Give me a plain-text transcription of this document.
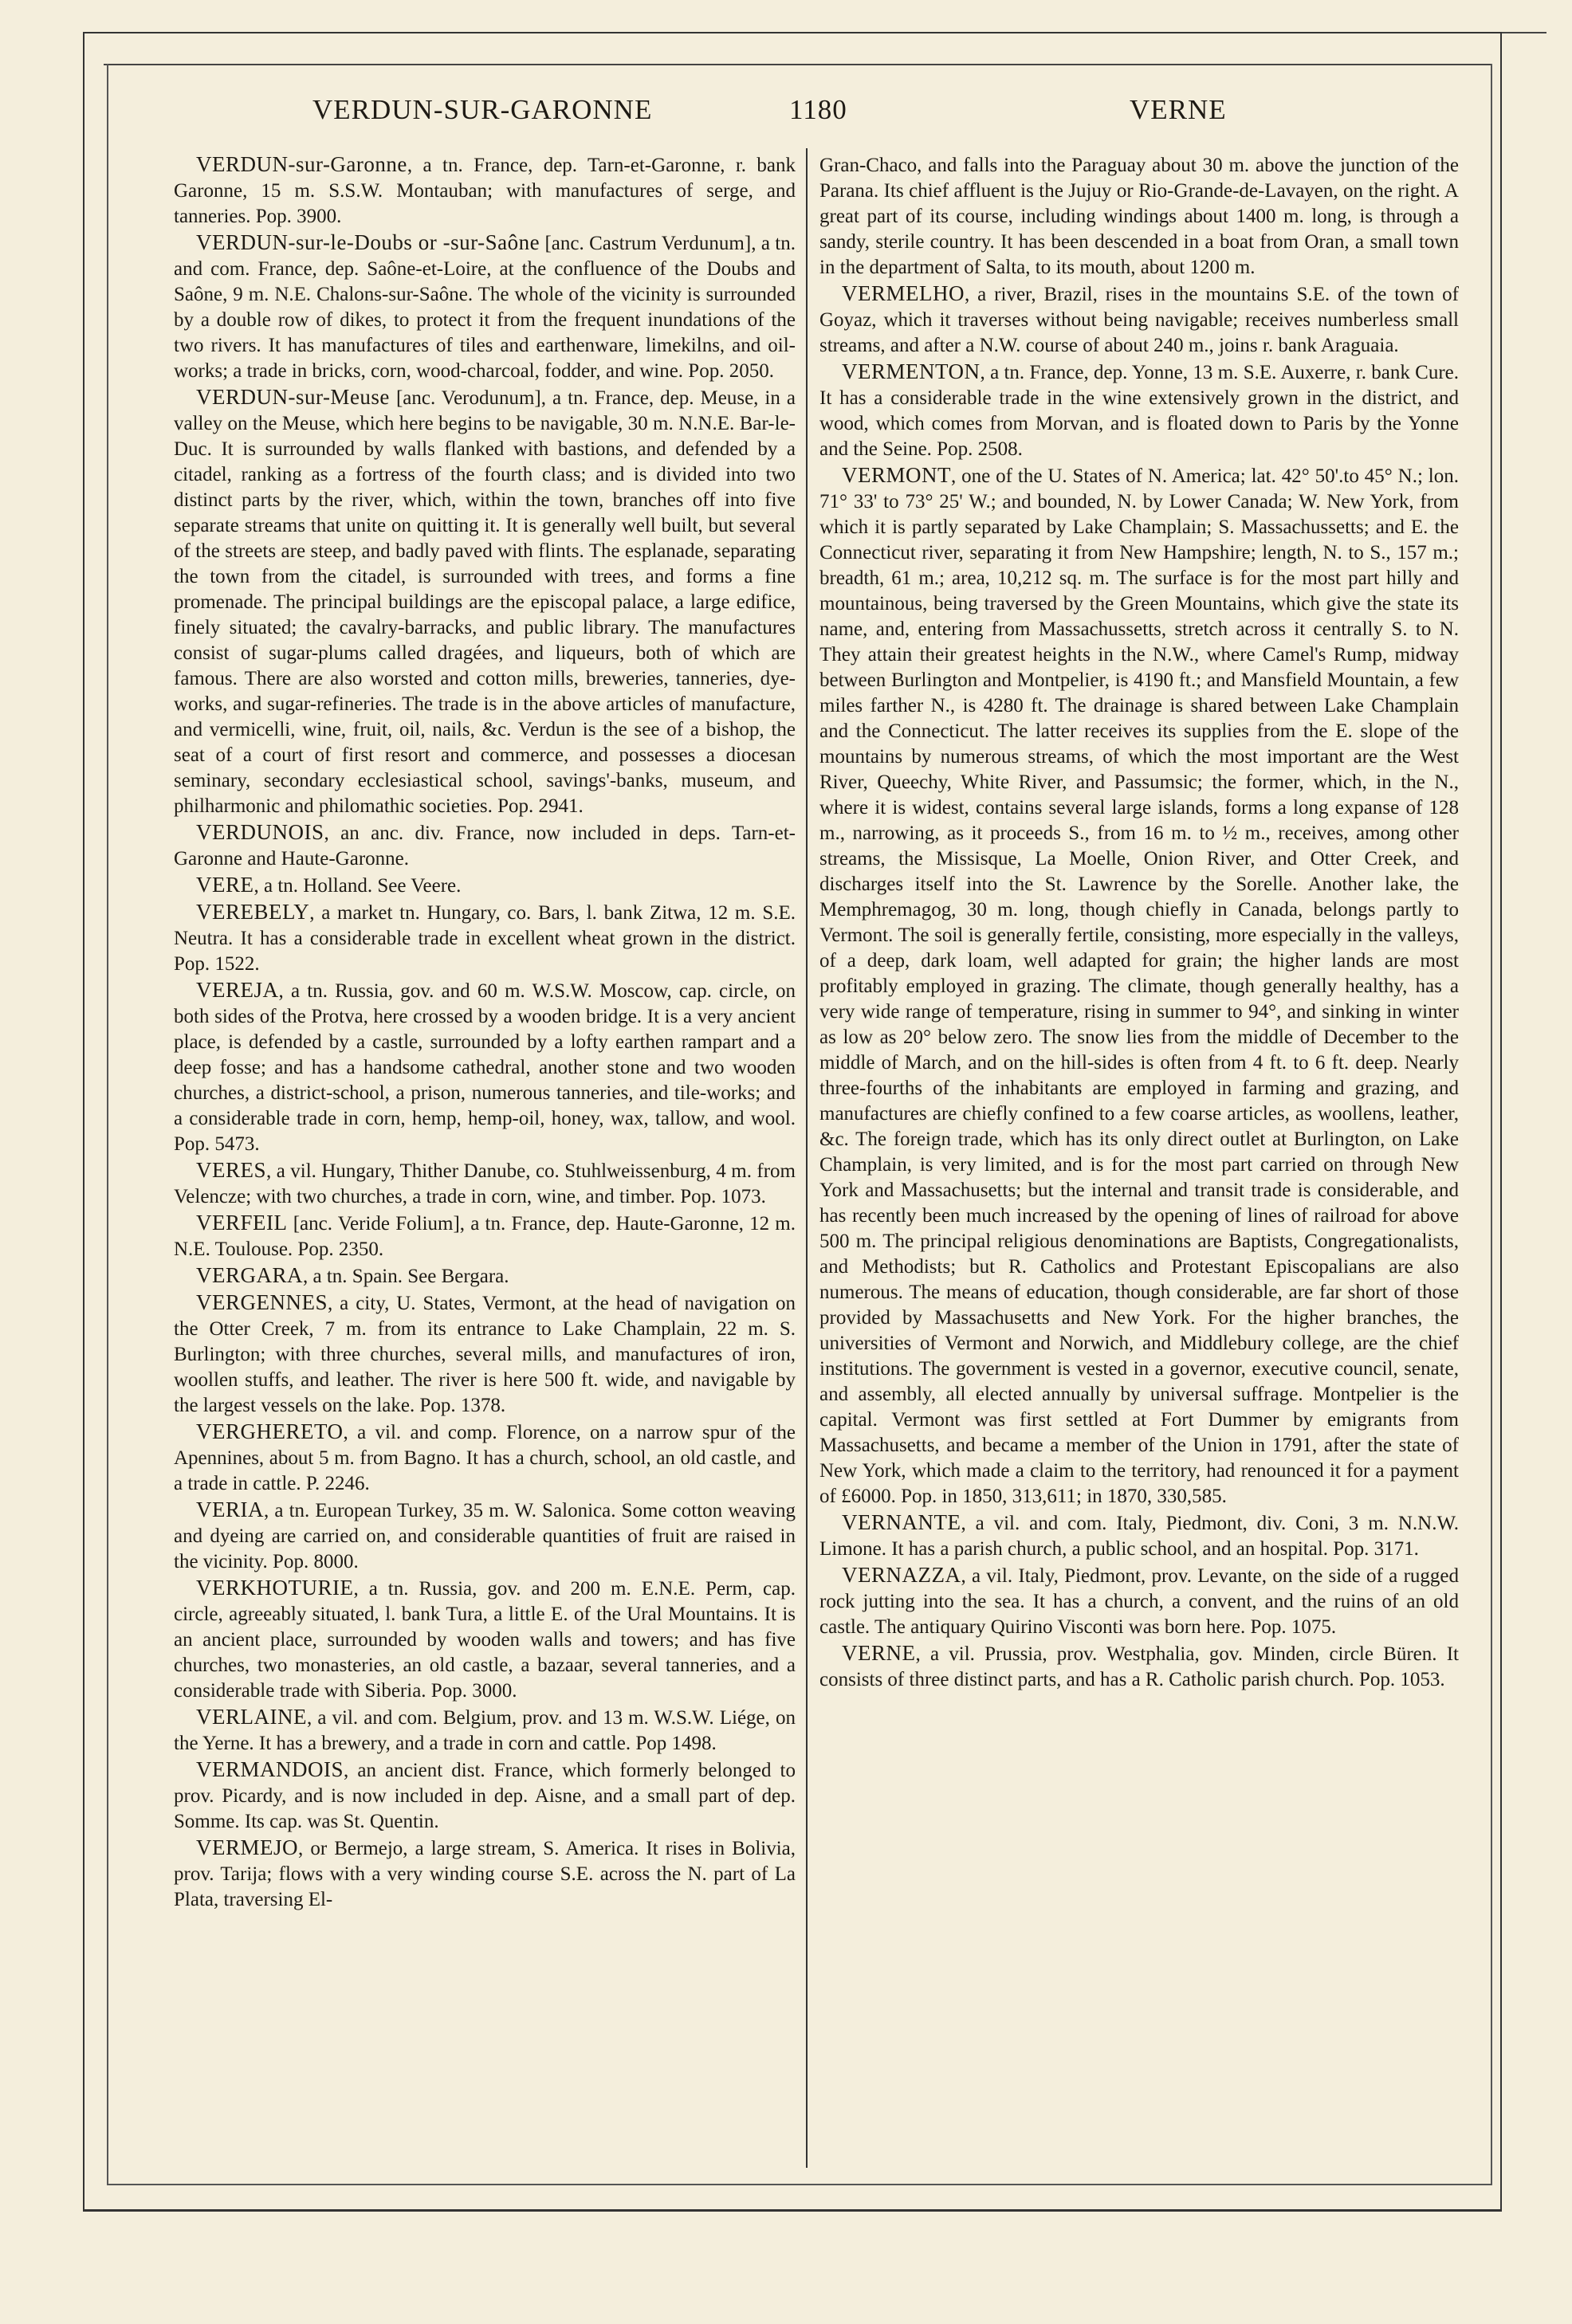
VERDUN-SUR-GARONNE	1180	VERNE

VERDUN-sur-Garonne, a tn. France, dep. Tarn-et-Garonne, r. bank Garonne, 15 m. S.S.W. Montauban; with manufactures of serge, and tanneries. Pop. 3900.

VERDUN-sur-le-Doubs or -sur-Saône [anc. Castrum Verdunum], a tn. and com. France, dep. Saône-et-Loire, at the confluence of the Doubs and Saône, 9 m. N.E. Chalons-sur-Saône. The whole of the vicinity is surrounded by a double row of dikes, to protect it from the frequent inundations of the two rivers. It has manufactures of tiles and earthenware, limekilns, and oil-works; a trade in bricks, corn, wood-charcoal, fodder, and wine. Pop. 2050.

VERDUN-sur-Meuse [anc. Verodunum], a tn. France, dep. Meuse, in a valley on the Meuse, which here begins to be navigable, 30 m. N.N.E. Bar-le-Duc. It is surrounded by walls flanked with bastions, and defended by a citadel, ranking as a fortress of the fourth class; and is divided into two distinct parts by the river, which, within the town, branches off into five separate streams that unite on quitting it. It is generally well built, but several of the streets are steep, and badly paved with flints. The esplanade, separating the town from the citadel, is surrounded with trees, and forms a fine promenade. The principal buildings are the episcopal palace, a large edifice, finely situated; the cavalry-barracks, and public library. The manufactures consist of sugar-plums called dragées, and liqueurs, both of which are famous. There are also worsted and cotton mills, breweries, tanneries, dye-works, and sugar-refineries. The trade is in the above articles of manufacture, and vermicelli, wine, fruit, oil, nails, &c. Verdun is the see of a bishop, the seat of a court of first resort and commerce, and possesses a diocesan seminary, secondary ecclesiastical school, savings'-banks, museum, and philharmonic and philomathic societies. Pop. 2941.

VERDUNOIS, an anc. div. France, now included in deps. Tarn-et-Garonne and Haute-Garonne.

VERE, a tn. Holland. See Veere.

VEREBELY, a market tn. Hungary, co. Bars, l. bank Zitwa, 12 m. S.E. Neutra. It has a considerable trade in excellent wheat grown in the district. Pop. 1522.

VEREJA, a tn. Russia, gov. and 60 m. W.S.W. Moscow, cap. circle, on both sides of the Protva, here crossed by a wooden bridge. It is a very ancient place, is defended by a castle, surrounded by a lofty earthen rampart and a deep fosse; and has a handsome cathedral, another stone and two wooden churches, a district-school, a prison, numerous tanneries, and tile-works; and a considerable trade in corn, hemp, hemp-oil, honey, wax, tallow, and wool. Pop. 5473.

VERES, a vil. Hungary, Thither Danube, co. Stuhlweissenburg, 4 m. from Velencze; with two churches, a trade in corn, wine, and timber. Pop. 1073.

VERFEIL [anc. Veride Folium], a tn. France, dep. Haute-Garonne, 12 m. N.E. Toulouse. Pop. 2350.

VERGARA, a tn. Spain. See Bergara.

VERGENNES, a city, U. States, Vermont, at the head of navigation on the Otter Creek, 7 m. from its entrance to Lake Champlain, 22 m. S. Burlington; with three churches, several mills, and manufactures of iron, woollen stuffs, and leather. The river is here 500 ft. wide, and navigable by the largest vessels on the lake. Pop. 1378.

VERGHERETO, a vil. and comp. Florence, on a narrow spur of the Apennines, about 5 m. from Bagno. It has a church, school, an old castle, and a trade in cattle. P. 2246.

VERIA, a tn. European Turkey, 35 m. W. Salonica. Some cotton weaving and dyeing are carried on, and considerable quantities of fruit are raised in the vicinity. Pop. 8000.

VERKHOTURIE, a tn. Russia, gov. and 200 m. E.N.E. Perm, cap. circle, agreeably situated, l. bank Tura, a little E. of the Ural Mountains. It is an ancient place, surrounded by wooden walls and towers; and has five churches, two monasteries, an old castle, a bazaar, several tanneries, and a considerable trade with Siberia. Pop. 3000.

VERLAINE, a vil. and com. Belgium, prov. and 13 m. W.S.W. Liége, on the Yerne. It has a brewery, and a trade in corn and cattle. Pop 1498.

VERMANDOIS, an ancient dist. France, which formerly belonged to prov. Picardy, and is now included in dep. Aisne, and a small part of dep. Somme. Its cap. was St. Quentin.

VERMEJO, or Bermejo, a large stream, S. America. It rises in Bolivia, prov. Tarija; flows with a very winding course S.E. across the N. part of La Plata, traversing El-

Gran-Chaco, and falls into the Paraguay about 30 m. above the junction of the Parana. Its chief affluent is the Jujuy or Rio-Grande-de-Lavayen, on the right. A great part of its course, including windings about 1400 m. long, is through a sandy, sterile country. It has been descended in a boat from Oran, a small town in the department of Salta, to its mouth, about 1200 m.

VERMELHO, a river, Brazil, rises in the mountains S.E. of the town of Goyaz, which it traverses without being navigable; receives numberless small streams, and after a N.W. course of about 240 m., joins r. bank Araguaia.

VERMENTON, a tn. France, dep. Yonne, 13 m. S.E. Auxerre, r. bank Cure. It has a considerable trade in the wine extensively grown in the district, and wood, which comes from Morvan, and is floated down to Paris by the Yonne and the Seine. Pop. 2508.

VERMONT, one of the U. States of N. America; lat. 42° 50'.to 45° N.; lon. 71° 33' to 73° 25' W.; and bounded, N. by Lower Canada; W. New York, from which it is partly separated by Lake Champlain; S. Massachussetts; and E. the Connecticut river, separating it from New Hampshire; length, N. to S., 157 m.; breadth, 61 m.; area, 10,212 sq. m. The surface is for the most part hilly and mountainous, being traversed by the Green Mountains, which give the state its name, and, entering from Massachussetts, stretch across it centrally S. to N. They attain their greatest heights in the N.W., where Camel's Rump, midway between Burlington and Montpelier, is 4190 ft.; and Mansfield Mountain, a few miles farther N., is 4280 ft. The drainage is shared between Lake Champlain and the Connecticut. The latter receives its supplies from the E. slope of the mountains by numerous streams, of which the most important are the West River, Queechy, White River, and Passumsic; the former, which, in the N., where it is widest, contains several large islands, forms a long expanse of 128 m., narrowing, as it proceeds S., from 16 m. to ½ m., receives, among other streams, the Missisque, La Moelle, Onion River, and Otter Creek, and discharges itself into the St. Lawrence by the Sorelle. Another lake, the Memphremagog, 30 m. long, though chiefly in Canada, belongs partly to Vermont. The soil is generally fertile, consisting, more especially in the valleys, of a deep, dark loam, well adapted for grain; the higher lands are most profitably employed in grazing. The climate, though generally healthy, has a very wide range of temperature, rising in summer to 94°, and sinking in winter as low as 20° below zero. The snow lies from the middle of December to the middle of March, and on the hill-sides is often from 4 ft. to 6 ft. deep. Nearly three-fourths of the inhabitants are employed in farming and grazing, and manufactures are chiefly confined to a few coarse articles, as woollens, leather, &c. The foreign trade, which has its only direct outlet at Burlington, on Lake Champlain, is very limited, and is for the most part carried on through New York and Massachusetts; but the internal and transit trade is considerable, and has recently been much increased by the opening of lines of railroad for above 500 m. The principal religious denominations are Baptists, Congregationalists, and Methodists; but R. Catholics and Protestant Episcopalians are also numerous. The means of education, though considerable, are far short of those provided by Massachusetts and New York. For the higher branches, the universities of Vermont and Norwich, and Middlebury college, are the chief institutions. The government is vested in a governor, executive council, senate, and assembly, all elected annually by universal suffrage. Montpelier is the capital. Vermont was first settled at Fort Dummer by emigrants from Massachusetts, and became a member of the Union in 1791, after the state of New York, which made a claim to the territory, had renounced it for a payment of £6000. Pop. in 1850, 313,611; in 1870, 330,585.

VERNANTE, a vil. and com. Italy, Piedmont, div. Coni, 3 m. N.N.W. Limone. It has a parish church, a public school, and an hospital. Pop. 3171.

VERNAZZA, a vil. Italy, Piedmont, prov. Levante, on the side of a rugged rock jutting into the sea. It has a church, a convent, and the ruins of an old castle. The antiquary Quirino Visconti was born here. Pop. 1075.

VERNE, a vil. Prussia, prov. Westphalia, gov. Minden, circle Büren. It consists of three distinct parts, and has a R. Catholic parish church. Pop. 1053.
